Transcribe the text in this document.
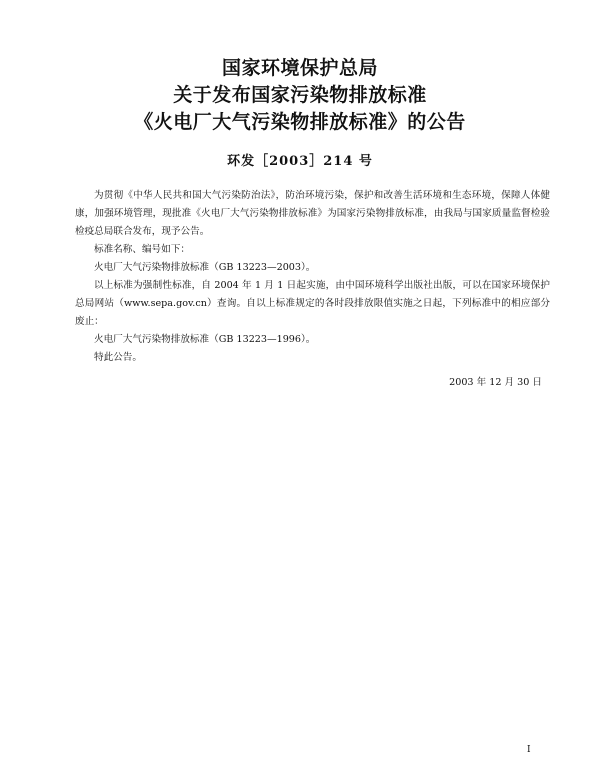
国家环境保护总局
关于发布国家污染物排放标准
《火电厂大气污染物排放标准》的公告
环发［2003］214 号

为贯彻《中华人民共和国大气污染防治法》，防治环境污染，保护和改善生活环境和生态环境，保障人体健康，加强环境管理，现批准《火电厂大气污染物排放标准》为国家污染物排放标准，由我局与国家质量监督检验检疫总局联合发布，现予公告。

标准名称、编号如下：

火电厂大气污染物排放标准（GB 13223—2003）。

以上标准为强制性标准，自 2004 年 1 月 1 日起实施，由中国环境科学出版社出版，可以在国家环境保护总局网站（www.sepa.gov.cn）查询。自以上标准规定的各时段排放限值实施之日起，下列标准中的相应部分废止：

火电厂大气污染物排放标准（GB 13223—1996）。

特此公告。

2003 年 12 月 30 日
I
